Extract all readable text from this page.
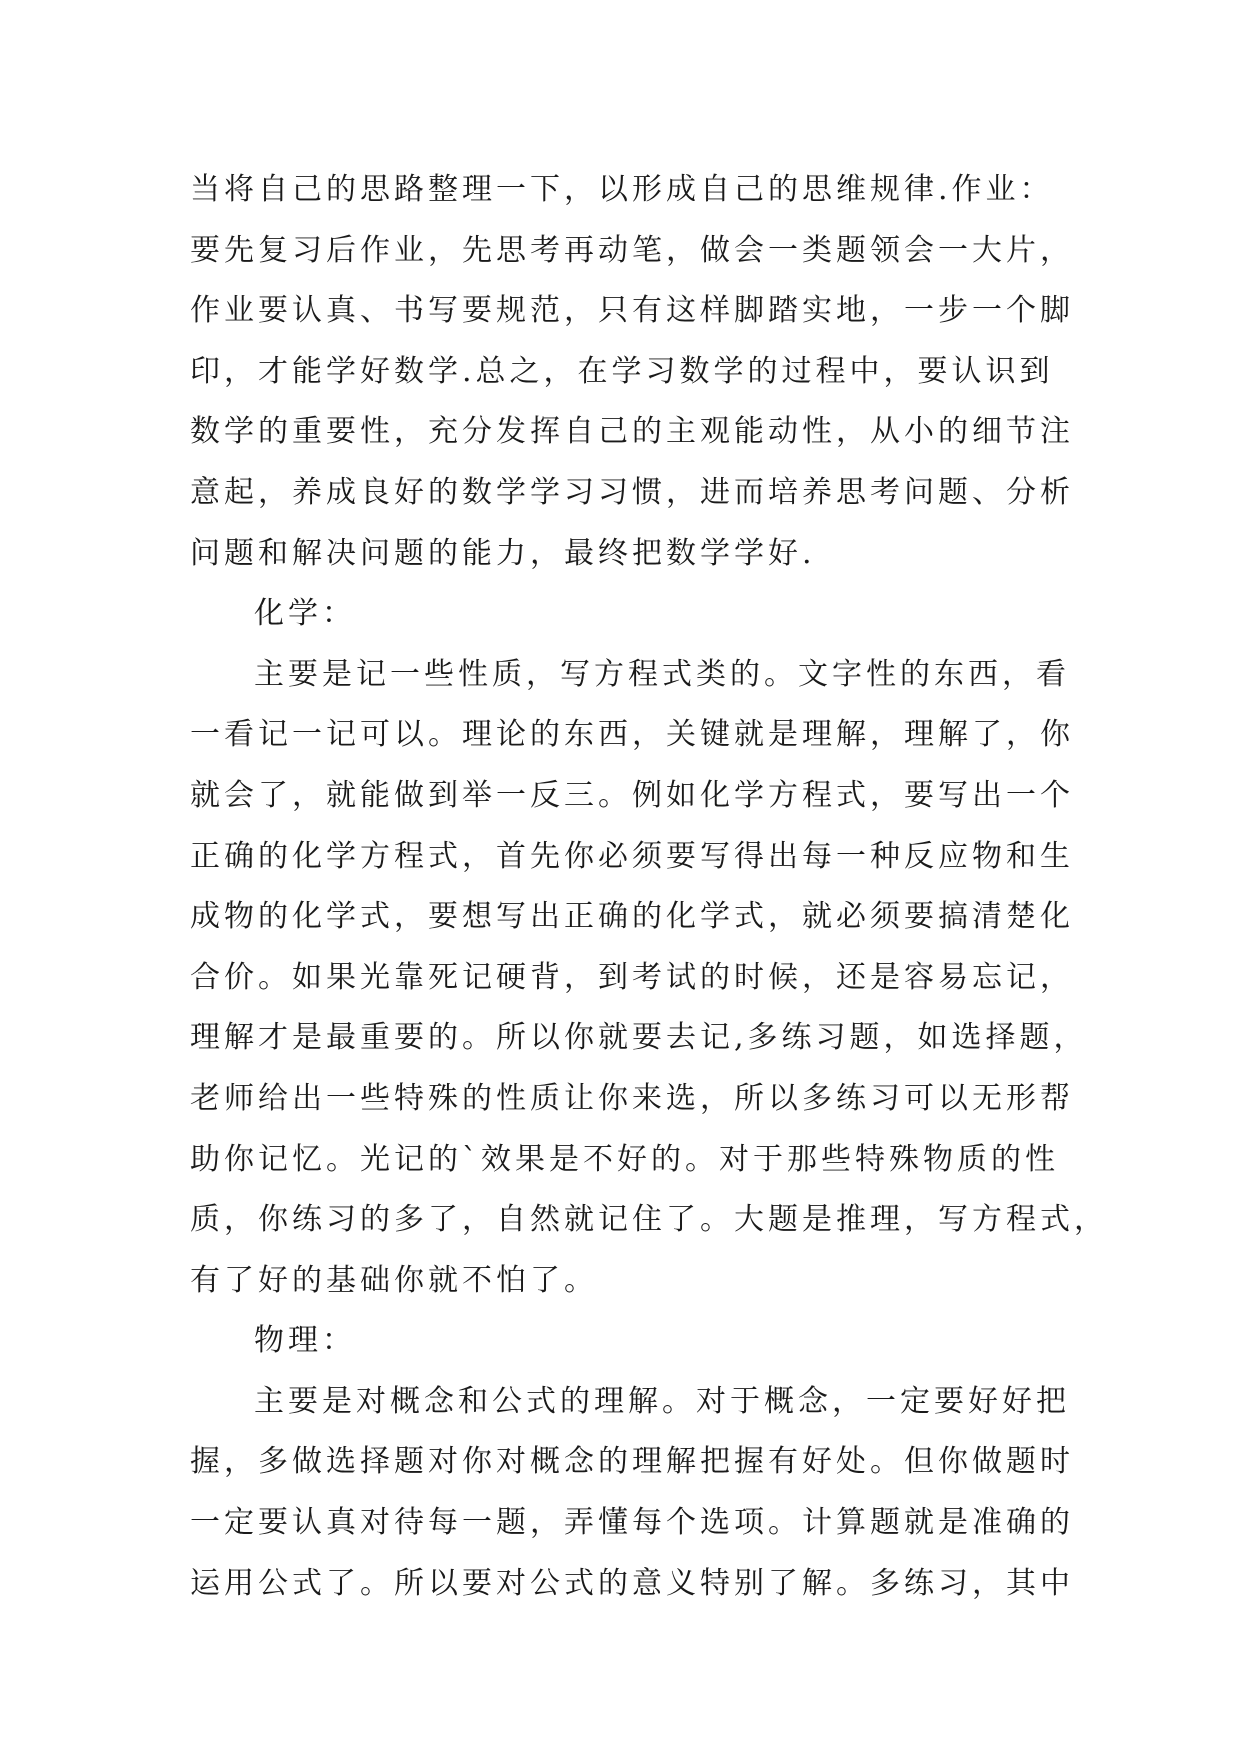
当将自己的思路整理一下，以形成自己的思维规律.作业：
要先复习后作业，先思考再动笔，做会一类题领会一大片，
作业要认真、书写要规范，只有这样脚踏实地，一步一个脚
印，才能学好数学.总之，在学习数学的过程中，要认识到
数学的重要性，充分发挥自己的主观能动性，从小的细节注
意起，养成良好的数学学习习惯，进而培养思考问题、分析
问题和解决问题的能力，最终把数学学好.
化学：
主要是记一些性质，写方程式类的。文字性的东西，看
一看记一记可以。理论的东西，关键就是理解，理解了，你
就会了，就能做到举一反三。例如化学方程式，要写出一个
正确的化学方程式，首先你必须要写得出每一种反应物和生
成物的化学式，要想写出正确的化学式，就必须要搞清楚化
合价。如果光靠死记硬背，到考试的时候，还是容易忘记，
理解才是最重要的。所以你就要去记,多练习题，如选择题，
老师给出一些特殊的性质让你来选，所以多练习可以无形帮
助你记忆。光记的`效果是不好的。对于那些特殊物质的性
质，你练习的多了，自然就记住了。大题是推理，写方程式，
有了好的基础你就不怕了。
物理：
主要是对概念和公式的理解。对于概念，一定要好好把
握，多做选择题对你对概念的理解把握有好处。但你做题时
一定要认真对待每一题，弄懂每个选项。计算题就是准确的
运用公式了。所以要对公式的意义特别了解。多练习，其中
